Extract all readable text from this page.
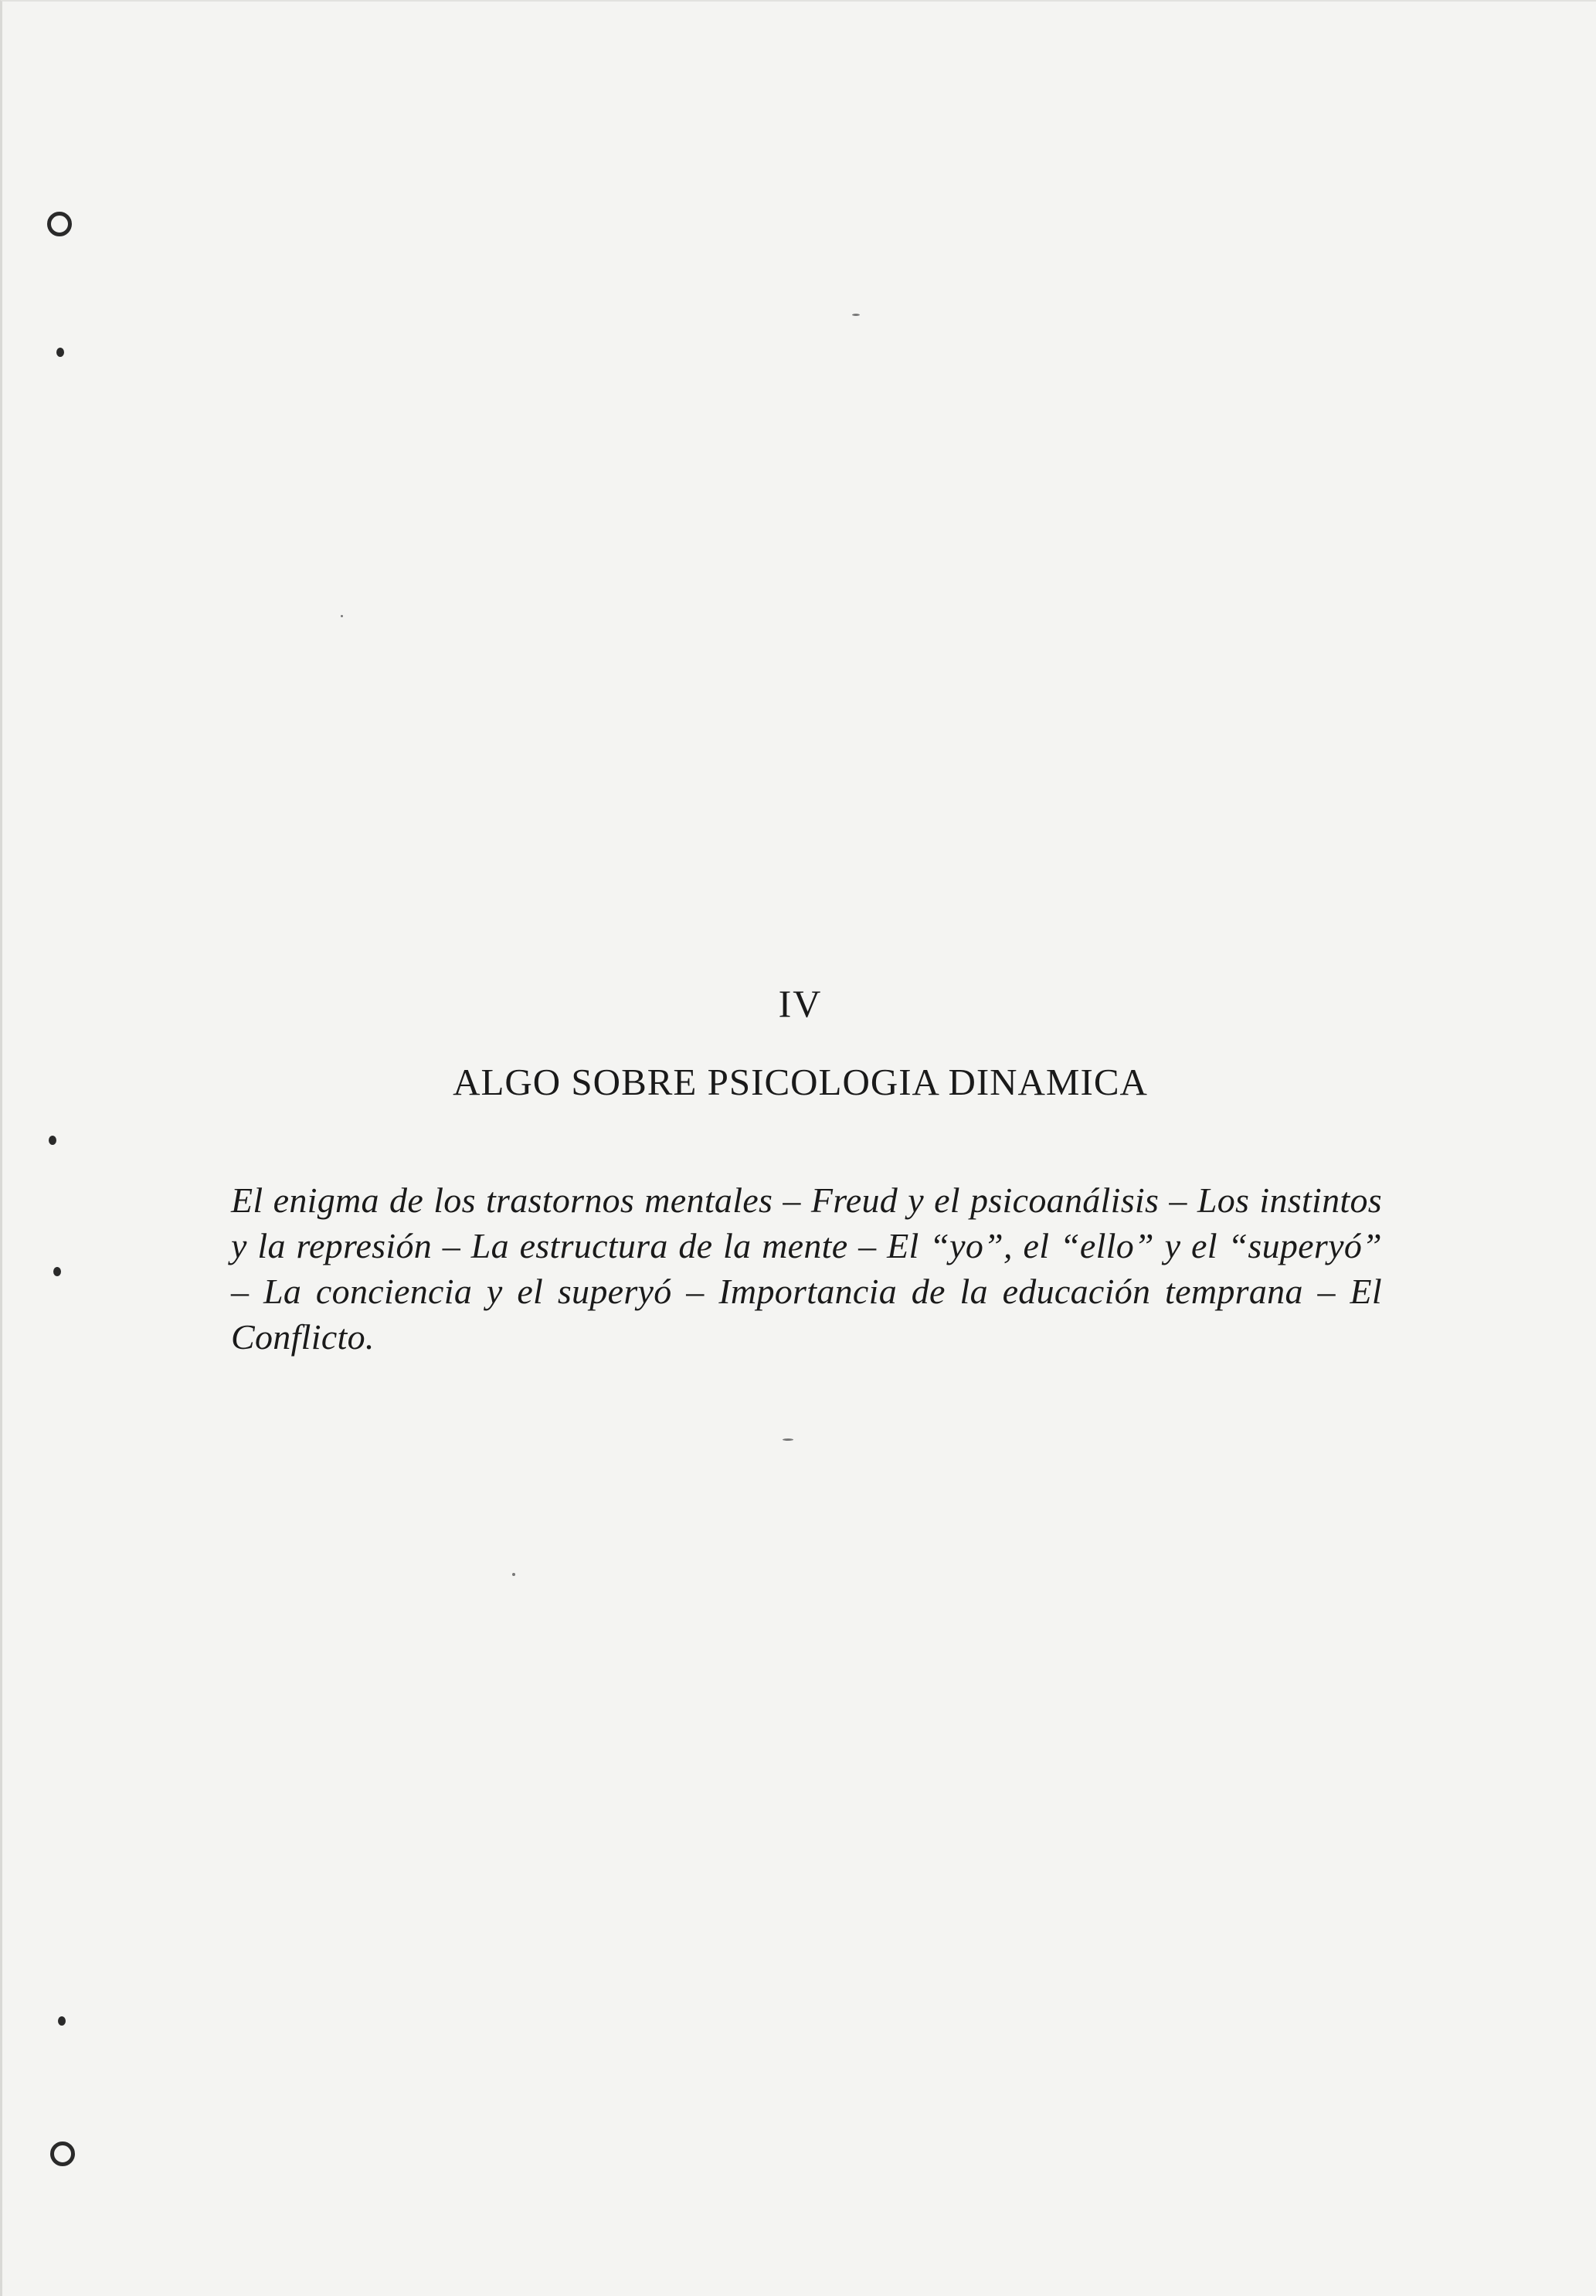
IV
ALGO SOBRE PSICOLOGIA DINAMICA

El enigma de los trastornos mentales – Freud y el psicoanálisis – Los instintos y la represión – La estructura de la mente – El “yo”, el “ello” y el “superyó” – La conciencia y el superyó – Importancia de la educación temprana – El Conflicto.
